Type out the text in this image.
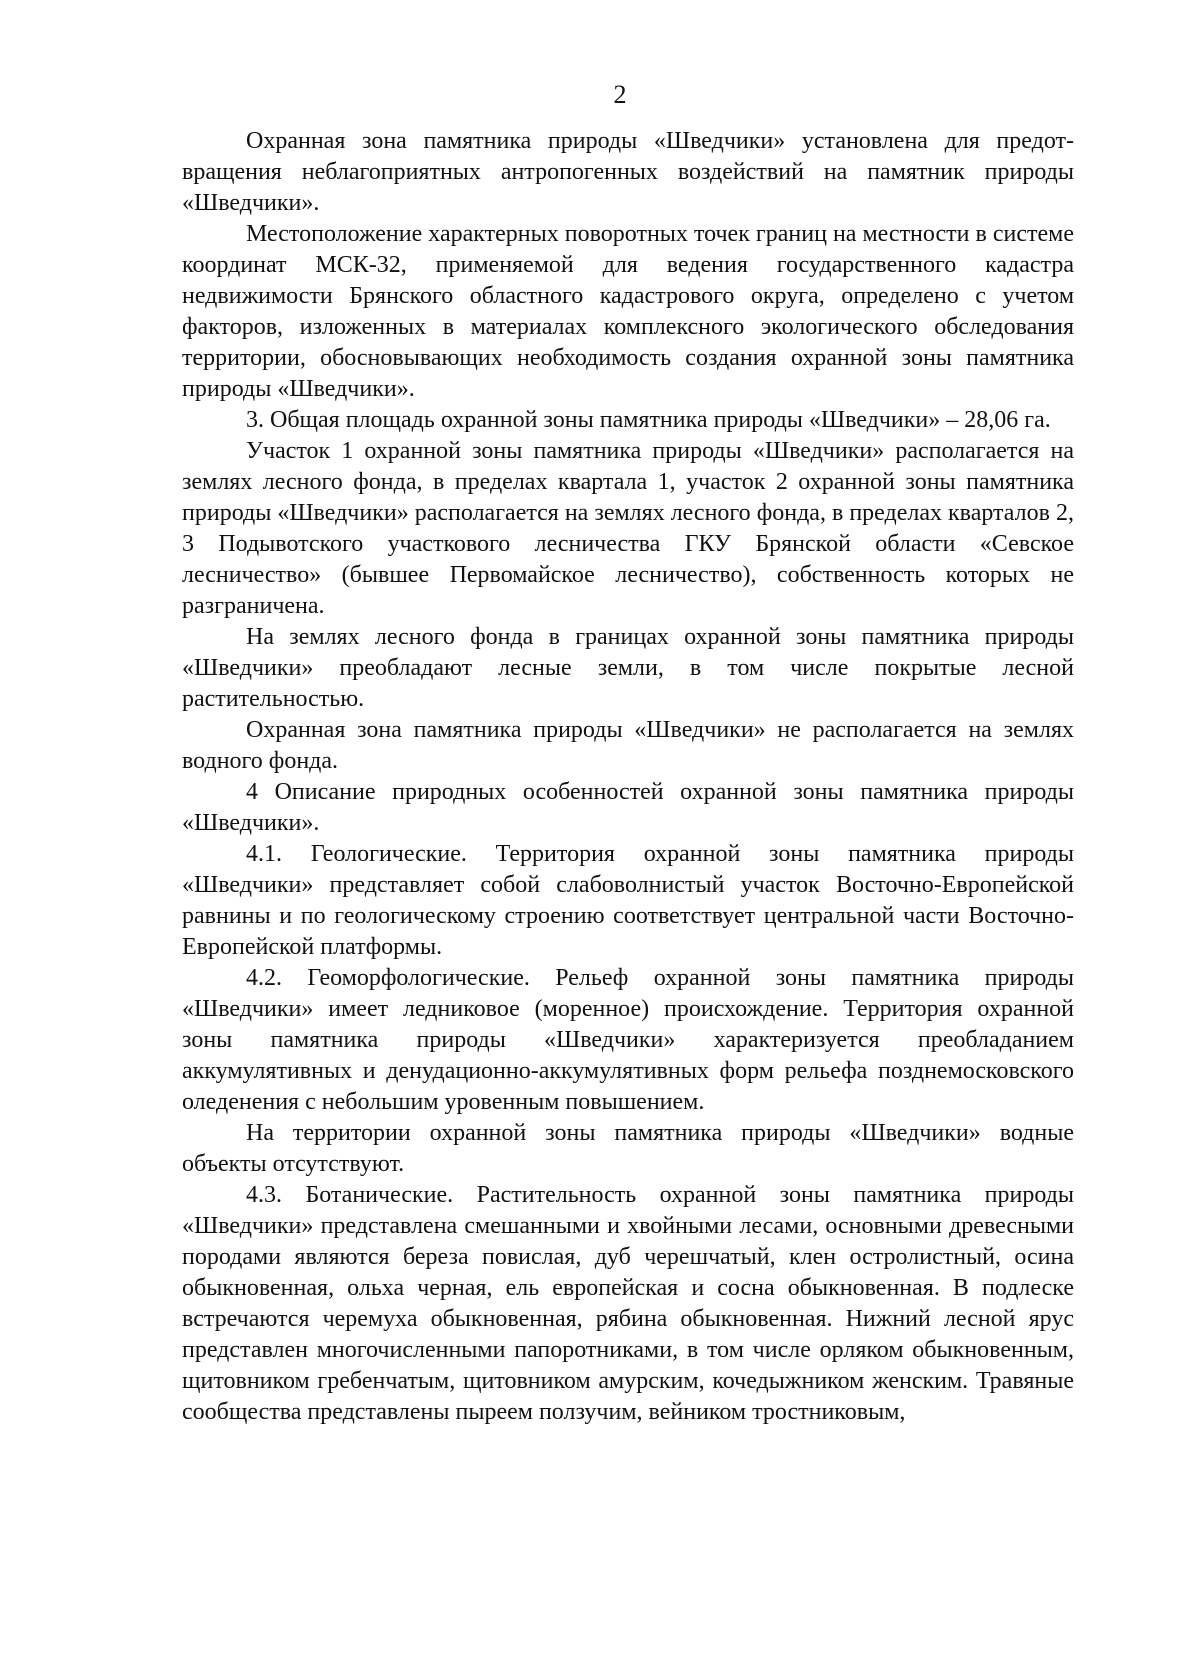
2

Охранная зона памятника природы «Шведчики» установлена для предотвращения неблагоприятных антропогенных воздействий на памятник природы «Шведчики».

Местоположение характерных поворотных точек границ на местности в системе координат МСК-32, применяемой для ведения государственного кадастра недвижимости Брянского областного кадастрового округа, определено с учетом факторов, изложенных в материалах комплексного экологического обследования территории, обосновывающих необходимость создания охранной зоны памятника природы «Шведчики».

3. Общая площадь охранной зоны памятника природы «Шведчики» – 28,06 га.

Участок 1 охранной зоны памятника природы «Шведчики» располагается на землях лесного фонда, в пределах квартала 1, участок 2 охранной зоны памятника природы «Шведчики» располагается на землях лесного фонда, в пределах кварталов 2, 3 Подывотского участкового лесничества ГКУ Брянской области «Севское лесничество» (бывшее Первомайское лесничество), собственность которых не разграничена.

На землях лесного фонда в границах охранной зоны памятника природы «Шведчики» преобладают лесные земли, в том числе покрытые лесной растительностью.

Охранная зона памятника природы «Шведчики» не располагается на землях водного фонда.

4 Описание природных особенностей охранной зоны памятника природы «Шведчики».

4.1. Геологические. Территория охранной зоны памятника природы «Шведчики» представляет собой слабоволнистый участок Восточно-Европейской равнины и по геологическому строению соответствует центральной части Восточно-Европейской платформы.

4.2. Геоморфологические. Рельеф охранной зоны памятника природы «Шведчики» имеет ледниковое (моренное) происхождение. Территория охранной зоны памятника природы «Шведчики» характеризуется преобладанием аккумулятивных и денудационно-аккумулятивных форм рельефа позднемосковского оледенения с небольшим уровенным повышением.

На территории охранной зоны памятника природы «Шведчики» водные объекты отсутствуют.

4.3. Ботанические. Растительность охранной зоны памятника природы «Шведчики» представлена смешанными и хвойными лесами, основными древесными породами являются береза повислая, дуб черешчатый, клен остролистный, осина обыкновенная, ольха черная, ель европейская и сосна обыкновенная. В подлеске встречаются черемуха обыкновенная, рябина обыкновенная. Нижний лесной ярус представлен многочисленными папоротниками, в том числе орляком обыкновенным, щитовником гребенчатым, щитовником амурским, кочедыжником женским. Травяные сообщества представлены пыреем ползучим, вейником тростниковым,
